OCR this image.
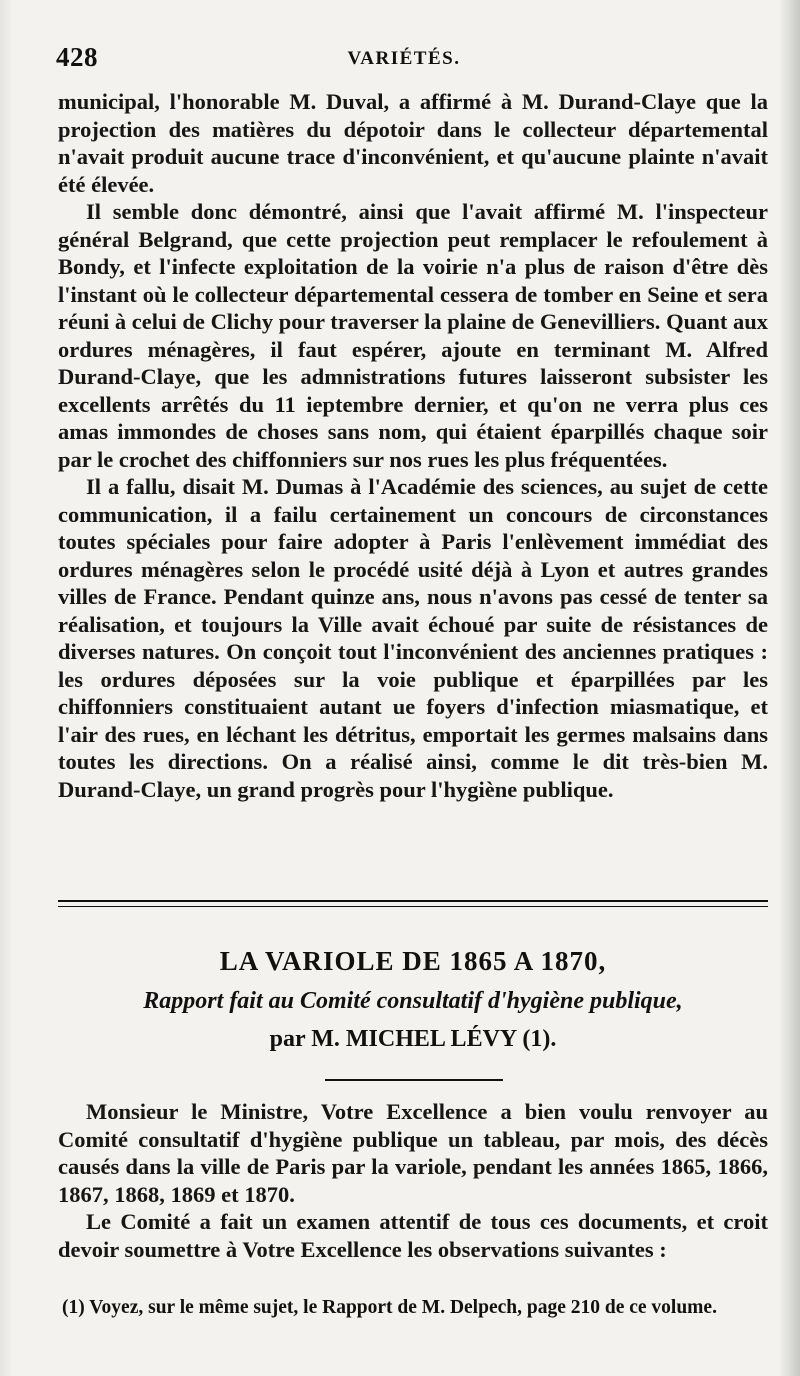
428	VARIÉTÉS.

municipal, l'honorable M. Duval, a affirmé à M. Durand-Claye que la projection des matières du dépotoir dans le collecteur départemental n'avait produit aucune trace d'inconvénient, et qu'aucune plainte n'avait été élevée.

Il semble donc démontré, ainsi que l'avait affirmé M. l'inspecteur général Belgrand, que cette projection peut remplacer le refoulement à Bondy, et l'infecte exploitation de la voirie n'a plus de raison d'être dès l'instant où le collecteur départemental cessera de tomber en Seine et sera réuni à celui de Clichy pour traverser la plaine de Genevilliers. Quant aux ordures ménagères, il faut espérer, ajoute en terminant M. Alfred Durand-Claye, que les admnistrations futures laisseront subsister les excellents arrêtés du 11 ieptembre dernier, et qu'on ne verra plus ces amas immondes de choses sans nom, qui étaient éparpillés chaque soir par le crochet des chiffonniers sur nos rues les plus fréquentées.

Il a fallu, disait M. Dumas à l'Académie des sciences, au sujet de cette communication, il a failu certainement un concours de circonstances toutes spéciales pour faire adopter à Paris l'enlèvement immédiat des ordures ménagères selon le procédé usité déjà à Lyon et autres grandes villes de France. Pendant quinze ans, nous n'avons pas cessé de tenter sa réalisation, et toujours la Ville avait échoué par suite de résistances de diverses natures. On conçoit tout l'inconvénient des anciennes pratiques : les ordures déposées sur la voie publique et éparpillées par les chiffonniers constituaient autant ue foyers d'infection miasmatique, et l'air des rues, en léchant les détritus, emportait les germes malsains dans toutes les directions. On a réalisé ainsi, comme le dit très-bien M. Durand-Claye, un grand progrès pour l'hygiène publique.

LA VARIOLE DE 1865 A 1870,
Rapport fait au Comité consultatif d'hygiène publique,
par M. MICHEL LÉVY (1).

Monsieur le Ministre, Votre Excellence a bien voulu renvoyer au Comité consultatif d'hygiène publique un tableau, par mois, des décès causés dans la ville de Paris par la variole, pendant les années 1865, 1866, 1867, 1868, 1869 et 1870.

Le Comité a fait un examen attentif de tous ces documents, et croit devoir soumettre à Votre Excellence les observations suivantes :

(1) Voyez, sur le même sujet, le Rapport de M. Delpech, page 210 de ce volume.
